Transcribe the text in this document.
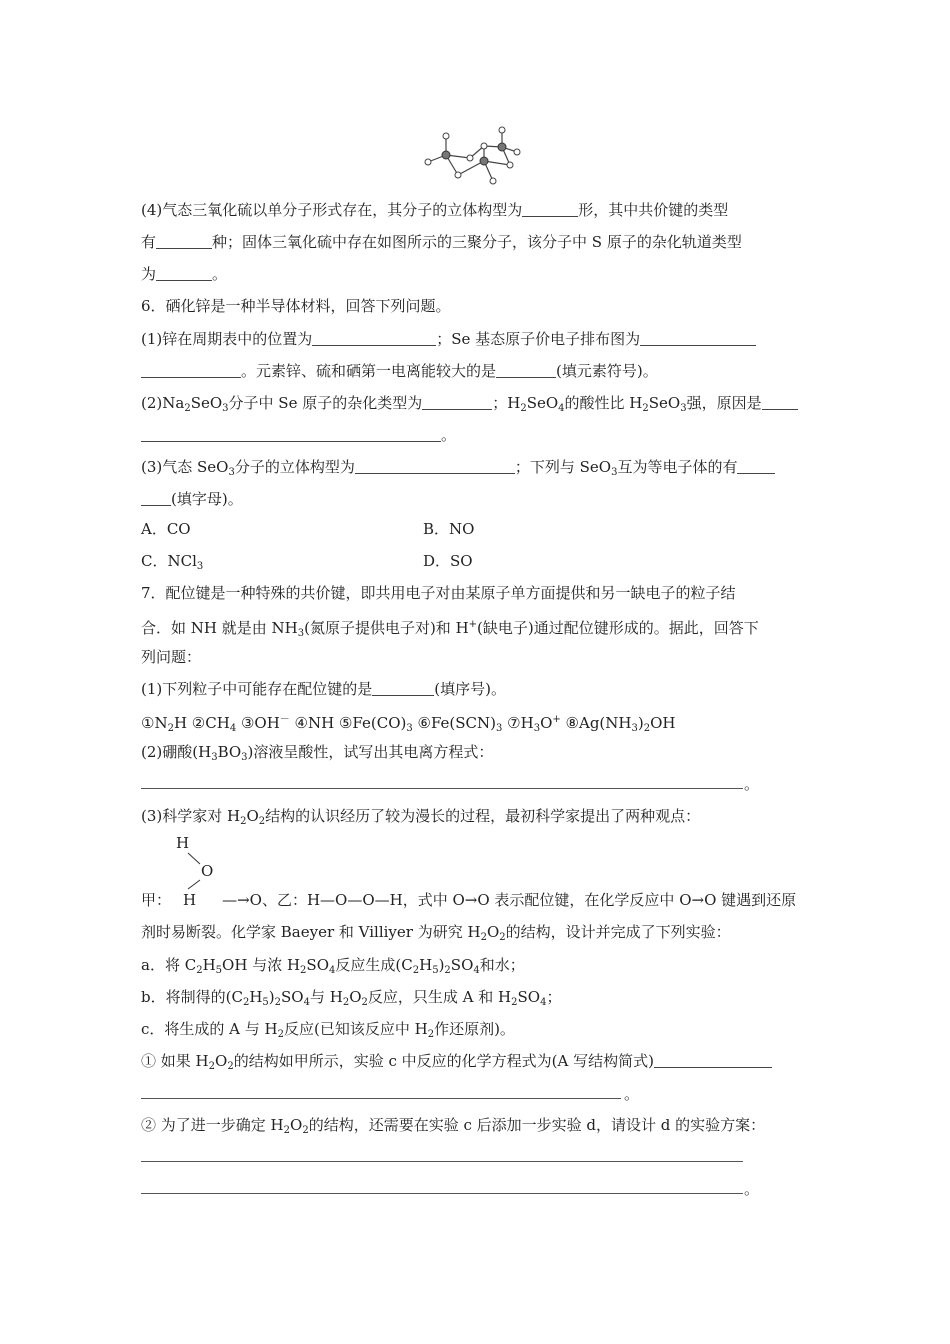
(4)气态三氧化硫以单分子形式存在，其分子的立体构型为	形，其中共价键的类型
有	种；固体三氧化硫中存在如图所示的三聚分子，该分子中 S 原子的杂化轨道类型
为	。
6．硒化锌是一种半导体材料，回答下列问题。
(1)锌在周期表中的位置为	；Se 基态原子价电子排布图为
。元素锌、硫和硒第一电离能较大的是	(填元素符号)。
$(2)Na_2SeO_3$分子中 Se 原子的杂化类型为	；$H_2SeO_4$的酸性比 $H_2SeO_3$强，原因是
。
(3)气态 SeO$_3$分子的立体构型为	；下列与 SeO$_3$互为等电子体的有
(填字母)。
A．CO	B．NO
C．NCl$_3$	D．SO
7．配位键是一种特殊的共价键，即共用电子对由某原子单方面提供和另一缺电子的粒子结
合．如 NH 就是由 $NH_3$(氮原子提供电子对)和 H+(缺电子)通过配位键形成的。据此，回答下
列问题：
(1)下列粒子中可能存在配位键的是	(填序号)。
$①N_2H$ $②CH_4$ ③OH－ ④NH $⑤Fe(CO)_3$ $⑥Fe(SCN)_3$ $⑦H_3O^+$ $⑧Ag(NH_3)_2OH$
(2)硼酸$(H_3BO_3)$溶液呈酸性，试写出其电离方程式：
。
(3)科学家对 $H_2O_2$结构的认识经历了较为漫长的过程，最初科学家提出了两种观点：
H
O
甲： H —→O、乙：H—O—O—H，式中 O→O 表示配位键，在化学反应中 O→O 键遇到还原
剂时易断裂。化学家 Baeyer 和 Villiyer 为研究 $H_2O_2$的结构，设计并完成了下列实验：
a．将 $C_2H_5OH$ 与浓 $H_2SO_4$反应生成$(C_2H_5)_2SO_4$和水；
b．将制得的$(C_2H_5)_2SO_4$与 $H_2O_2$反应，只生成 A 和 $H_2SO_4$；
c．将生成的 A 与 $H_2$反应(已知该反应中 $H_2$作还原剂)。
① 如果 $H_2O_2$的结构如甲所示，实验 c 中反应的化学方程式为(A 写结构简式)
。
② 为了进一步确定 $H_2O_2$的结构，还需要在实验 c 后添加一步实验 d，请设计 d 的实验方案：
。
